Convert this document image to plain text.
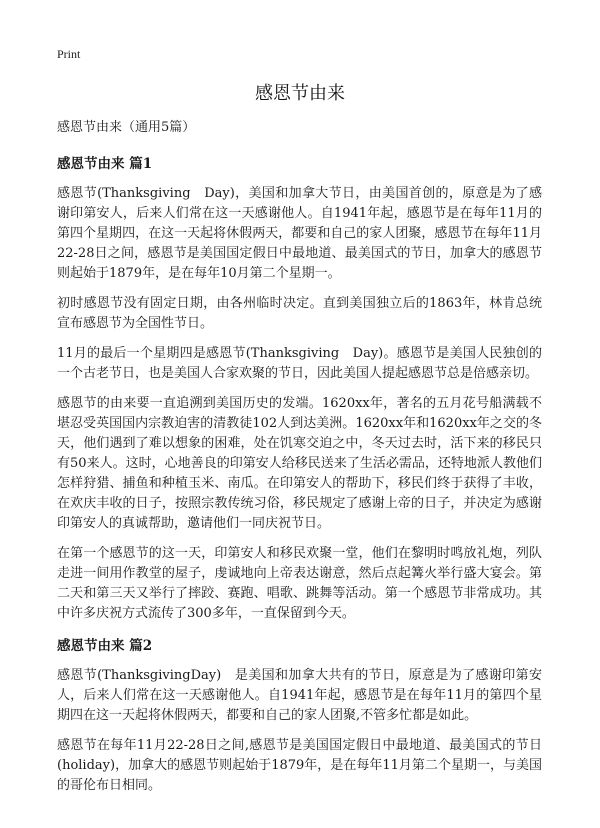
Print
感恩节由来

感恩节由来（通用5篇）

感恩节由来 篇1

感恩节(Thanksgiving　Day)，美国和加拿大节日，由美国首创的，原意是为了感谢印第安人，后来人们常在这一天感谢他人。自1941年起，感恩节是在每年11月的第四个星期四，在这一天起将休假两天，都要和自己的家人团聚，感恩节在每年11月22-28日之间，感恩节是美国国定假日中最地道、最美国式的节日，加拿大的感恩节则起始于1879年，是在每年10月第二个星期一。

初时感恩节没有固定日期，由各州临时决定。直到美国独立后的1863年，林肯总统宣布感恩节为全国性节日。

11月的最后一个星期四是感恩节(Thanksgiving　Day)。感恩节是美国人民独创的一个古老节日，也是美国人合家欢聚的节日，因此美国人提起感恩节总是倍感亲切。

感恩节的由来要一直追溯到美国历史的发端。1620xx年，著名的五月花号船满载不堪忍受英国国内宗教迫害的清教徒102人到达美洲。1620xx年和1620xx年之交的冬天，他们遇到了难以想象的困难，处在饥寒交迫之中，冬天过去时，活下来的移民只有50来人。这时，心地善良的印第安人给移民送来了生活必需品，还特地派人教他们怎样狩猎、捕鱼和种植玉米、南瓜。在印第安人的帮助下，移民们终于获得了丰收，在欢庆丰收的日子，按照宗教传统习俗，移民规定了感谢上帝的日子，并决定为感谢印第安人的真诚帮助，邀请他们一同庆祝节日。

在第一个感恩节的这一天，印第安人和移民欢聚一堂，他们在黎明时鸣放礼炮，列队走进一间用作教堂的屋子，虔诚地向上帝表达谢意，然后点起篝火举行盛大宴会。第二天和第三天又举行了摔跤、赛跑、唱歌、跳舞等活动。第一个感恩节非常成功。其中许多庆祝方式流传了300多年，一直保留到今天。

感恩节由来 篇2

感恩节(ThanksgivingDay)　是美国和加拿大共有的节日，原意是为了感谢印第安人，后来人们常在这一天感谢他人。自1941年起，感恩节是在每年11月的第四个星期四在这一天起将休假两天，都要和自己的家人团聚,不管多忙都是如此。

感恩节在每年11月22-28日之间,感恩节是美国国定假日中最地道、最美国式的节日(holiday)，加拿大的感恩节则起始于1879年，是在每年11月第二个星期一，与美国的哥伦布日相同。
